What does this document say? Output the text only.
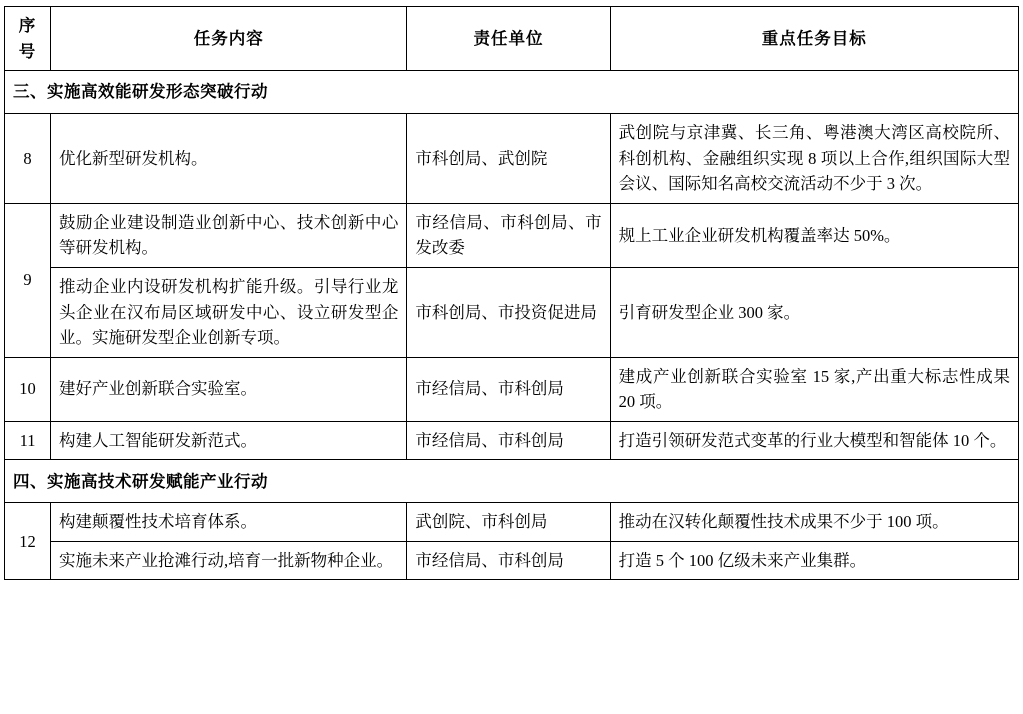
序号	任务内容	责任单位	重点任务目标
三、实施高效能研发形态突破行动			
8	优化新型研发机构。	市科创局、武创院	武创院与京津冀、长三角、粤港澳大湾区高校院所、科创机构、金融组织实现 8 项以上合作,组织国际大型会议、国际知名高校交流活动不少于 3 次。
9	鼓励企业建设制造业创新中心、技术创新中心等研发机构。	市经信局、市科创局、市发改委	规上工业企业研发机构覆盖率达 50%。
	推动企业内设研发机构扩能升级。引导行业龙头企业在汉布局区域研发中心、设立研发型企业。实施研发型企业创新专项。	市科创局、市投资促进局	引育研发型企业 300 家。
10	建好产业创新联合实验室。	市经信局、市科创局	建成产业创新联合实验室 15 家,产出重大标志性成果 20 项。
11	构建人工智能研发新范式。	市经信局、市科创局	打造引领研发范式变革的行业大模型和智能体 10 个。
四、实施高技术研发赋能产业行动			
12	构建颠覆性技术培育体系。	武创院、市科创局	推动在汉转化颠覆性技术成果不少于 100 项。
	实施未来产业抢滩行动,培育一批新物种企业。	市经信局、市科创局	打造 5 个 100 亿级未来产业集群。
